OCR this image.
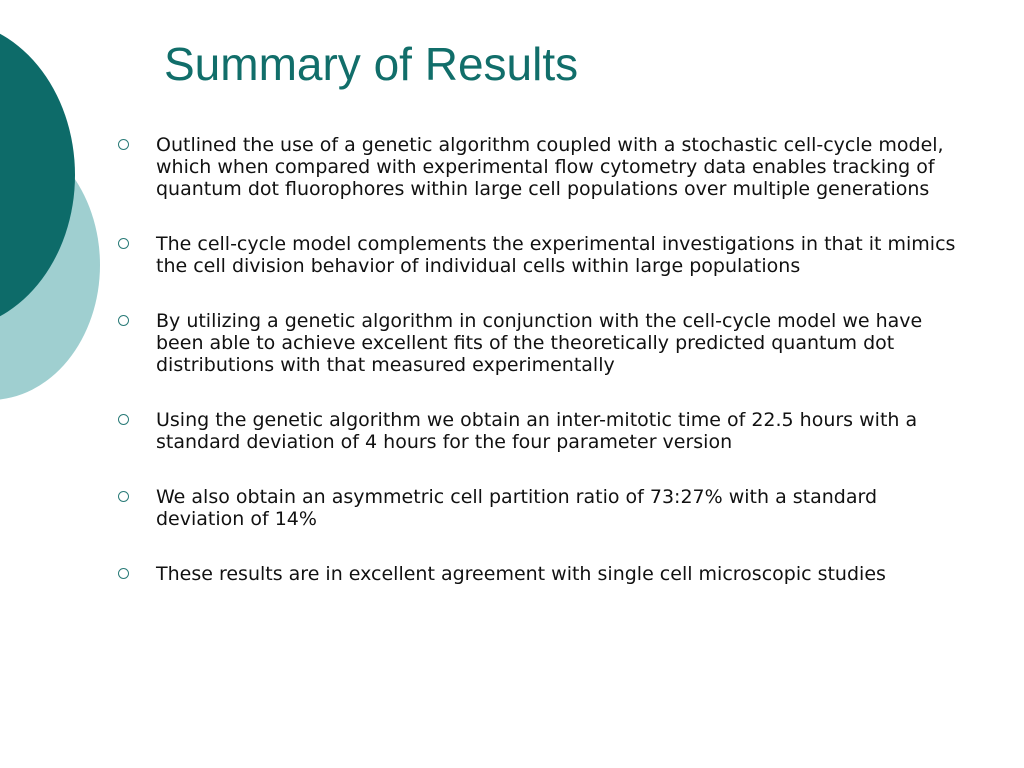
Summary of Results
Outlined the use of a genetic algorithm coupled with a stochastic cell-cycle model, which when compared with experimental flow cytometry data enables tracking of quantum dot fluorophores within large cell populations over multiple generations
The cell-cycle model complements the experimental investigations in that it mimics the cell division behavior of individual cells within large populations
By utilizing a genetic algorithm in conjunction with the cell-cycle model we have been able to achieve excellent fits of the theoretically predicted quantum dot distributions with that measured experimentally
Using the genetic algorithm we obtain an inter-mitotic time of 22.5 hours with a standard deviation of 4 hours for the four parameter version
We also obtain an asymmetric cell partition ratio of 73:27% with a standard deviation of 14%
These results are in excellent agreement with single cell microscopic studies
